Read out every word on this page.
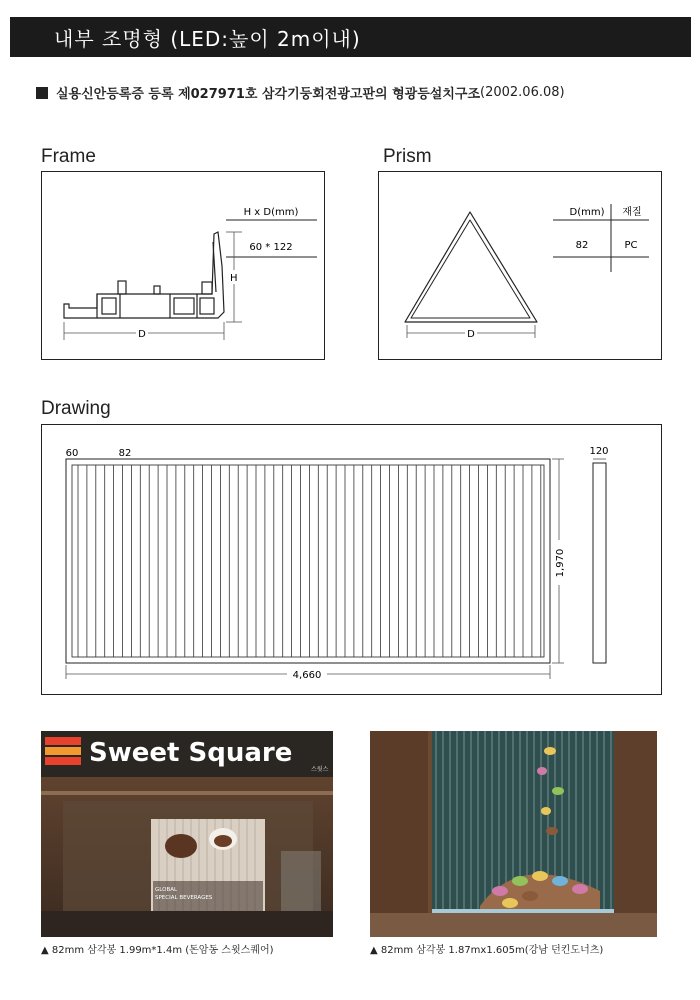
내부 조명형 (LED:높이 2m이내)
실용신안등록증 등록 제027971호 삼각기둥회전광고판의 형광등설치구조 (2002.06.08)
Frame
H x D(mm)
60 * 122
H
D
Prism
D(mm) 재질
82	PC
D
Drawing
60	82
1,970
4,660
120
Sweet Square
스윗스
GLOBAL
SPECIAL BEVERAGES
▲ 82mm 삼각봉 1.99m*1.4m (돈암동 스윗스퀘어)	▲ 82mm 삼각봉 1.87mx1.605m(강남 던킨도너츠)
